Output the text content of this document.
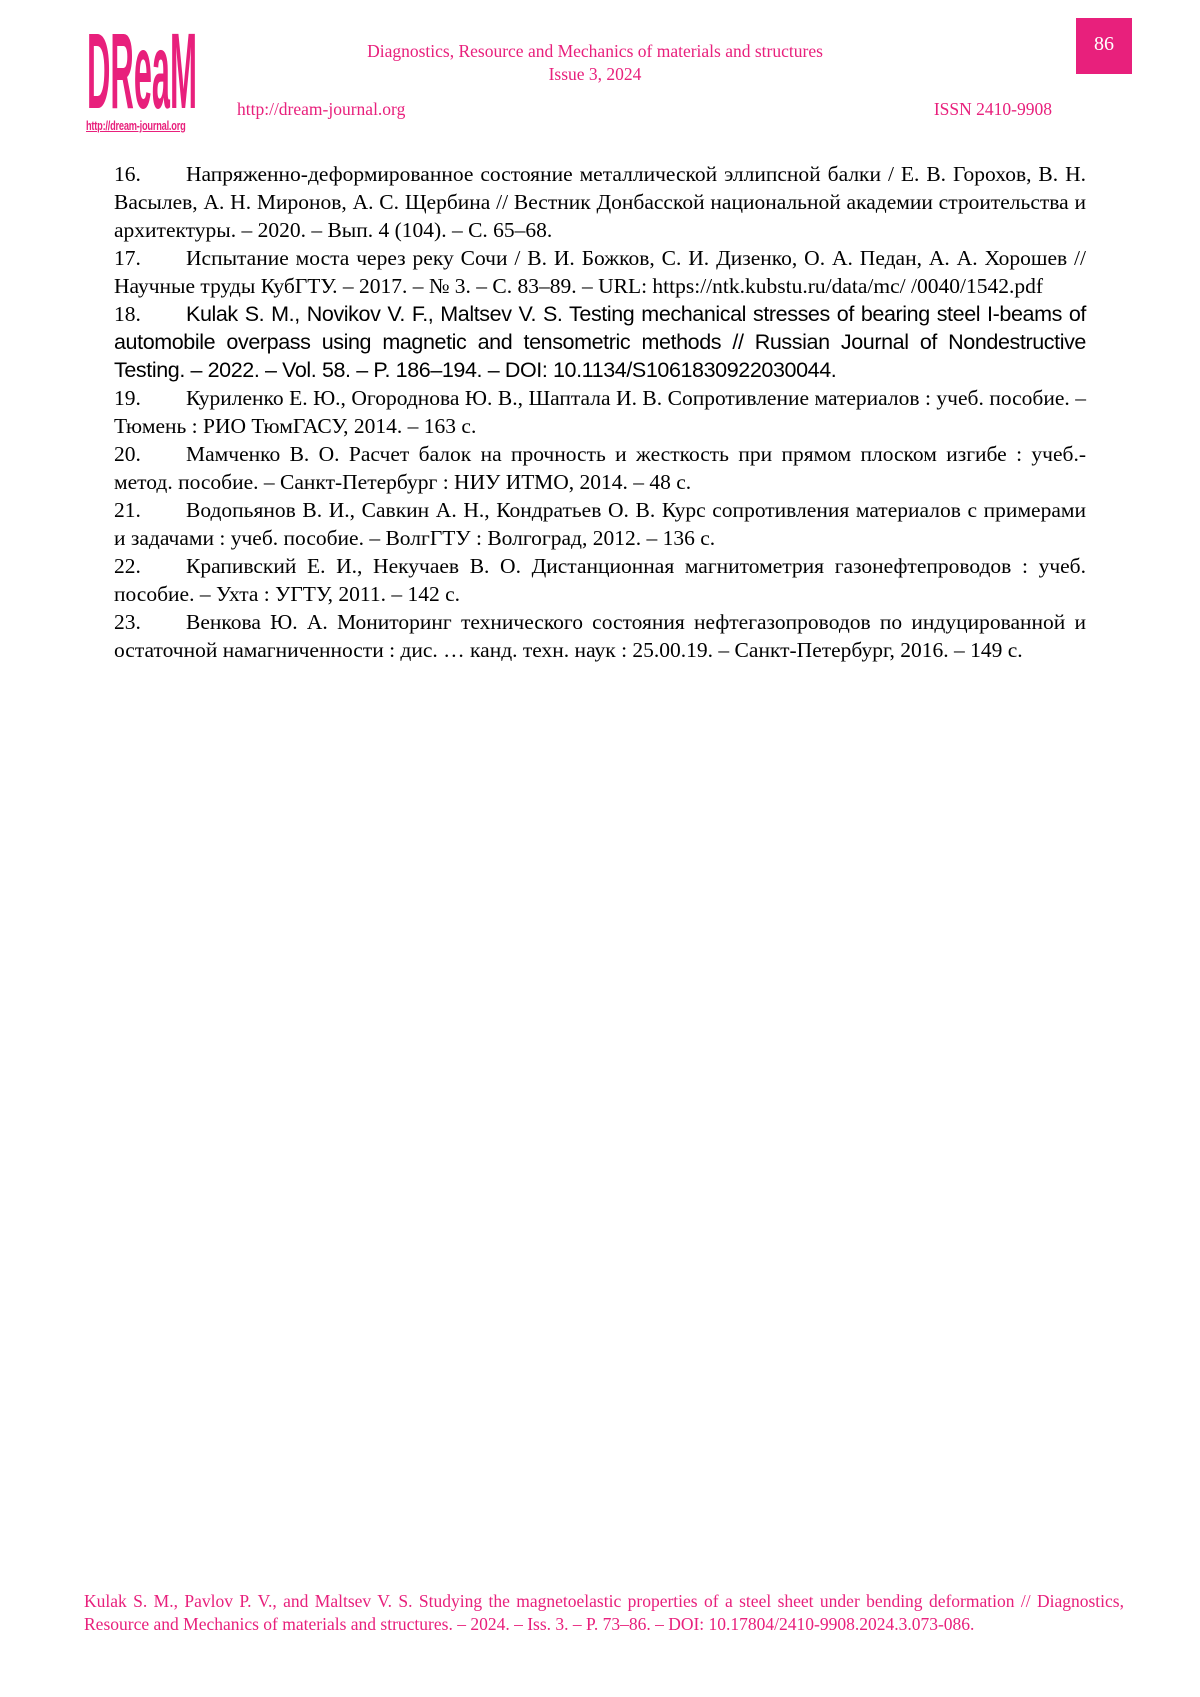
DReaM
http://dream-journal.org
Diagnostics, Resource and Mechanics of materials and structures
Issue 3, 2024
http://dream-journal.org	ISSN 2410-9908
86

16. Напряженно-деформированное состояние металлической эллипсной балки / Е. В. Горохов, В. Н. Васылев, А. Н. Миронов, А. С. Щербина // Вестник Донбасской национальной академии строительства и архитектуры. – 2020. – Вып. 4 (104). – С. 65–68.

17. Испытание моста через реку Сочи / В. И. Божков, С. И. Дизенко, О. А. Педан, А. А. Хорошев // Научные труды КубГТУ. – 2017. – № 3. – С. 83–89. – URL: https://ntk.kubstu.ru/data/mc/ /0040/1542.pdf

18. Kulak S. M., Novikov V. F., Maltsev V. S. Testing mechanical stresses of bearing steel I-beams of automobile overpass using magnetic and tensometric methods // Russian Journal of Nondestructive Testing. – 2022. – Vol. 58. – P. 186–194. – DOI: 10.1134/S1061830922030044.

19. Куриленко Е. Ю., Огороднова Ю. В., Шаптала И. В. Сопротивление материалов : учеб. пособие. – Тюмень : РИО ТюмГАСУ, 2014. – 163 с.

20. Мамченко В. О. Расчет балок на прочность и жесткость при прямом плоском изгибе : учеб.-метод. пособие. – Санкт-Петербург : НИУ ИТМО, 2014. – 48 с.

21. Водопьянов В. И., Савкин А. Н., Кондратьев О. В. Курс сопротивления материалов с примерами и задачами : учеб. пособие. – ВолгГТУ : Волгоград, 2012. – 136 с.

22. Крапивский Е. И., Некучаев В. О. Дистанционная магнитометрия газонефтепроводов : учеб. пособие. – Ухта : УГТУ, 2011. – 142 с.

23. Венкова Ю. А. Мониторинг технического состояния нефтегазопроводов по индуцированной и остаточной намагниченности : дис. … канд. техн. наук : 25.00.19. – Санкт-Петербург, 2016. – 149 с.

Kulak S. M., Pavlov P. V., and Maltsev V. S. Studying the magnetoelastic properties of a steel sheet under bending deformation // Diagnostics, Resource and Mechanics of materials and structures. – 2024. – Iss. 3. – P. 73–86. – DOI: 10.17804/2410-9908.2024.3.073-086.
